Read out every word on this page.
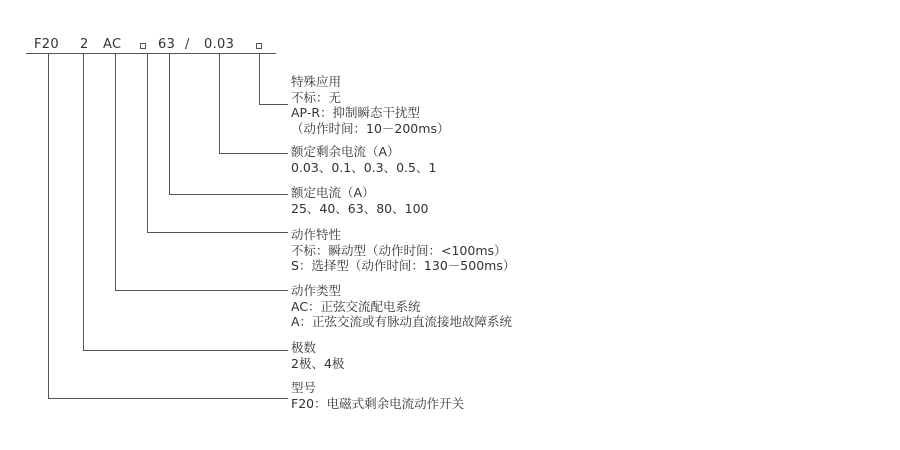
F20 2 AC	63 / 0.03
特殊应用
不标：无
AP-R：抑制瞬态干扰型
（动作时间：10－200ms）
额定剩余电流（A）
0.03、0.1、0.3、0.5、1
额定电流（A）
25、40、63、80、100
动作特性
不标：瞬动型（动作时间：<100ms）
S：选择型（动作时间：130－500ms）
动作类型
AC：正弦交流配电系统
A：正弦交流或有脉动直流接地故障系统
极数
2极、4极
型号
F20：电磁式剩余电流动作开关
